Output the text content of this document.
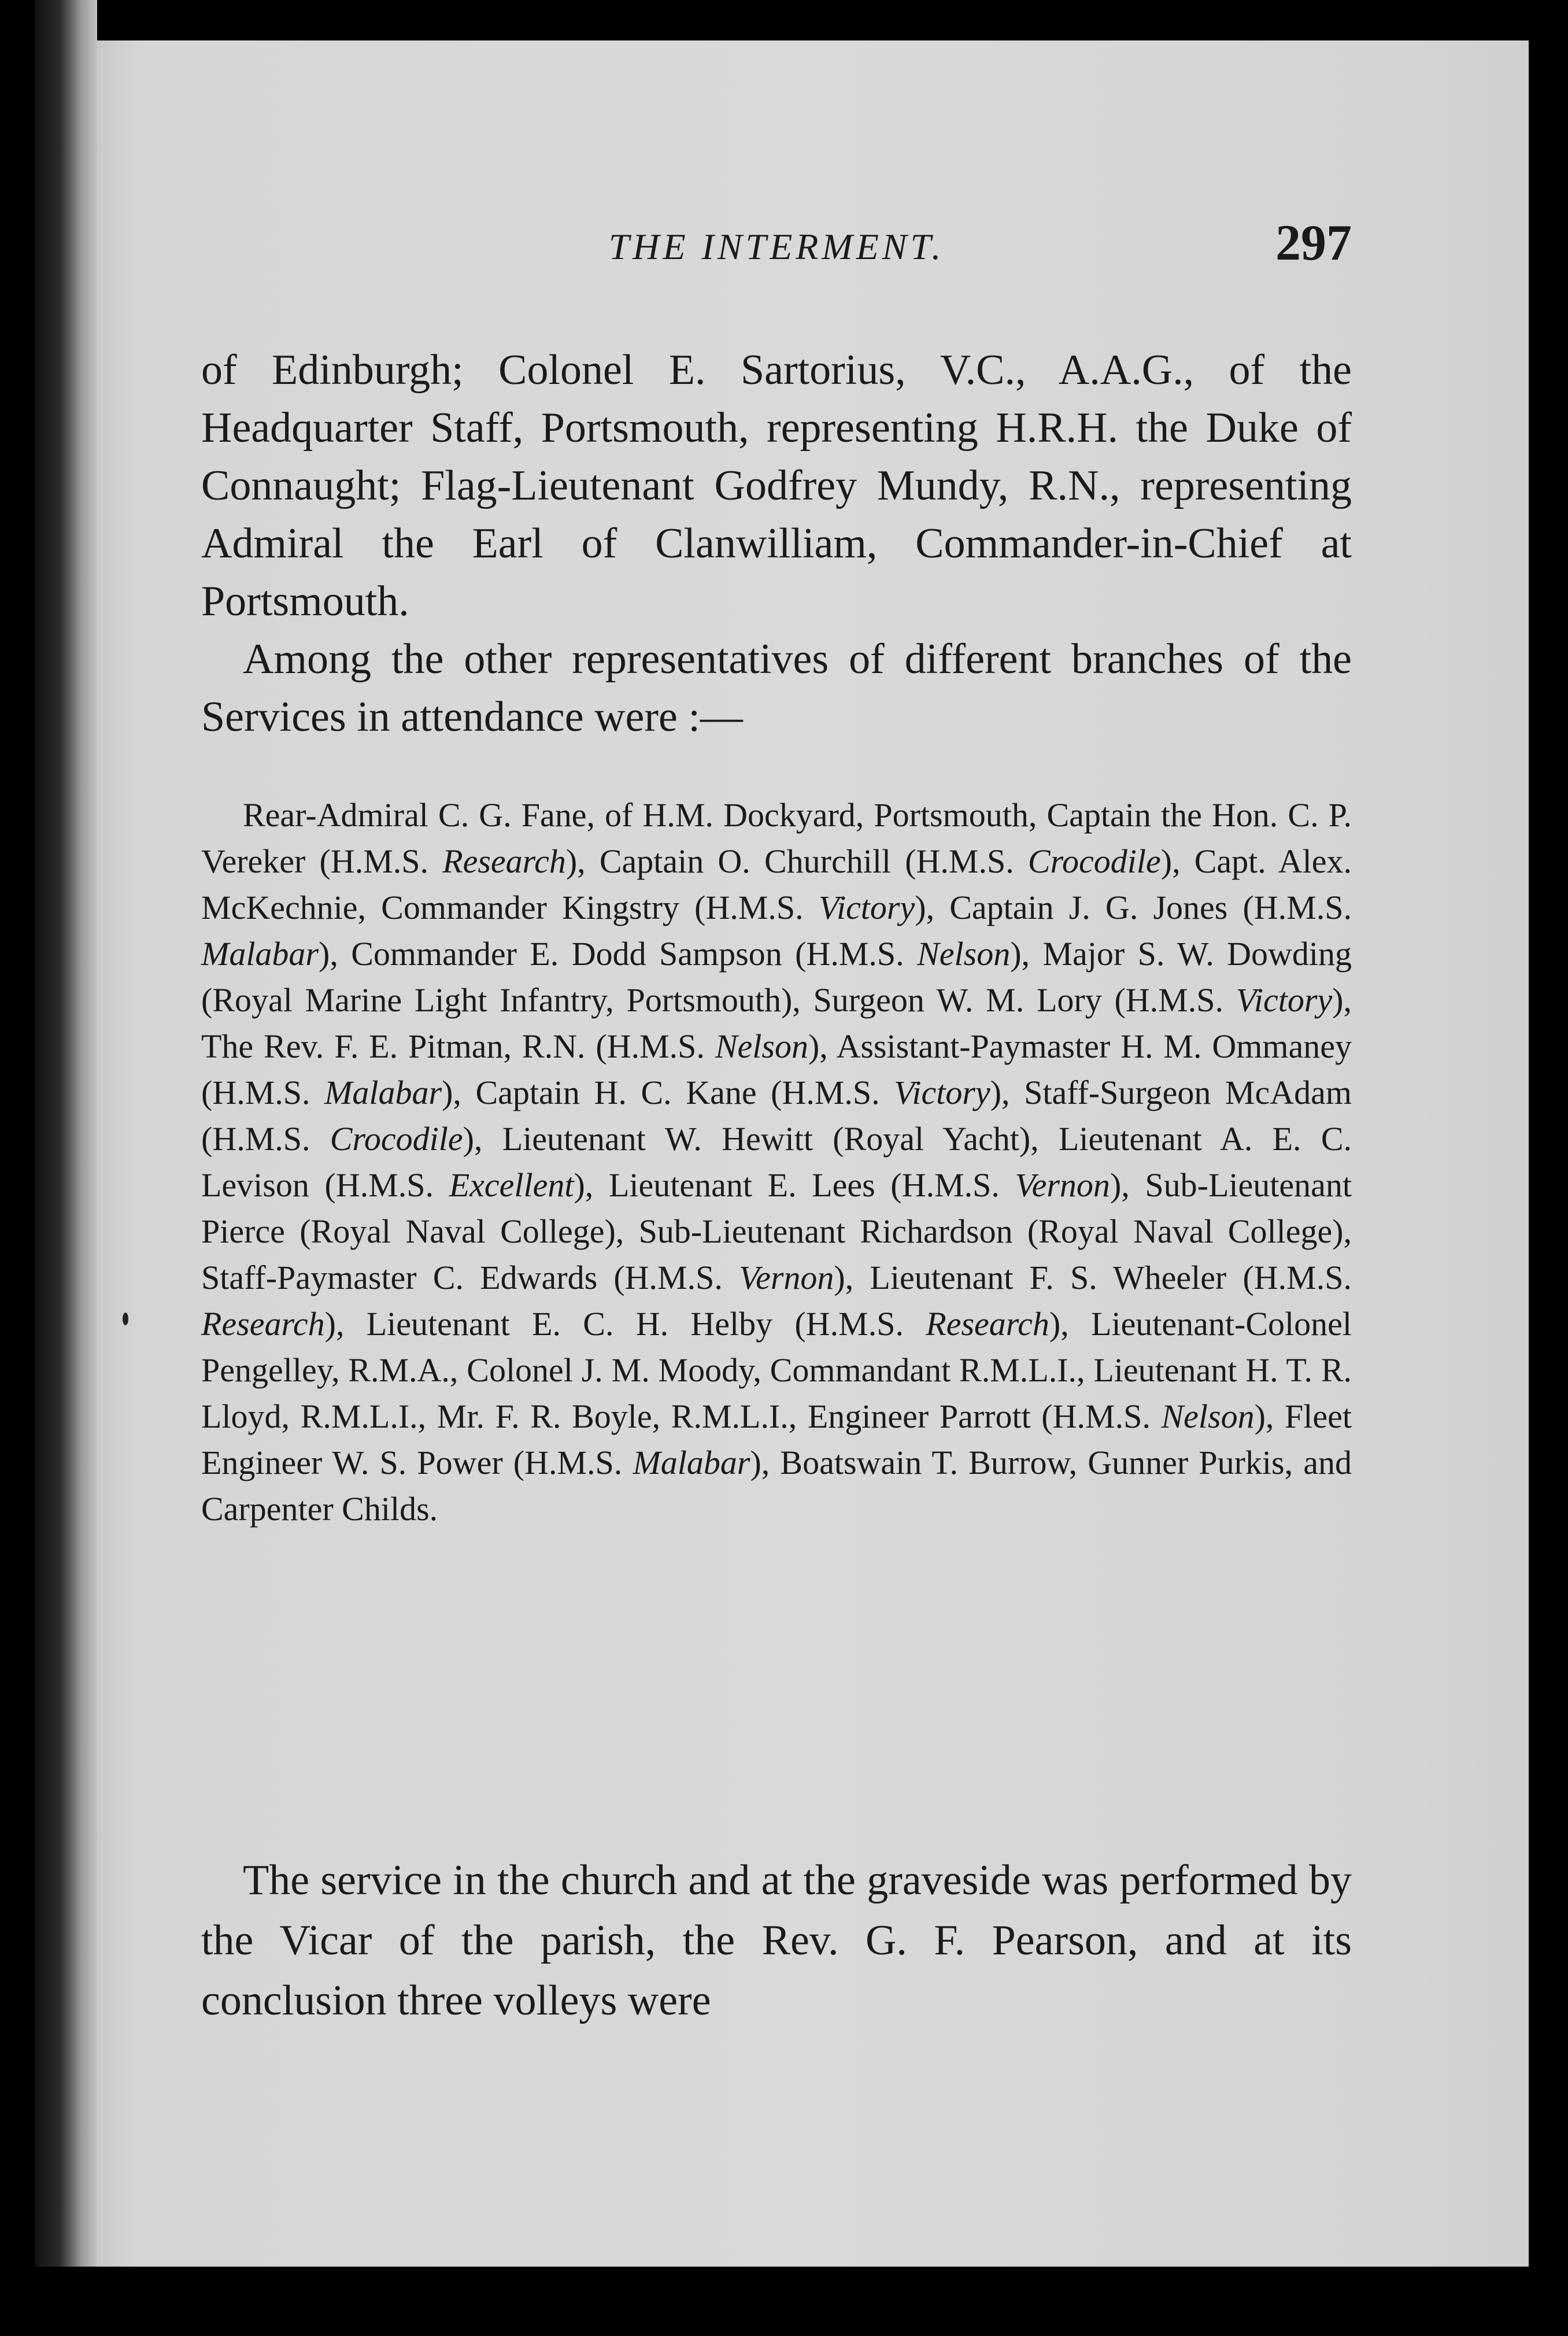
THE INTERMENT.	297

of Edinburgh; Colonel E. Sartorius, V.C., A.A.G., of the Headquarter Staff, Portsmouth, representing H.R.H. the Duke of Connaught; Flag-Lieutenant Godfrey Mundy, R.N., representing Admiral the Earl of Clanwilliam, Commander-in-Chief at Portsmouth.

Among the other representatives of different branches of the Services in attendance were :—

Rear-Admiral C. G. Fane, of H.M. Dockyard, Portsmouth, Captain the Hon. C. P. Vereker (H.M.S. Research), Captain O. Churchill (H.M.S. Crocodile), Capt. Alex. McKechnie, Commander Kingstry (H.M.S. Victory), Captain J. G. Jones (H.M.S. Malabar), Commander E. Dodd Sampson (H.M.S. Nelson), Major S. W. Dowding (Royal Marine Light Infantry, Portsmouth), Surgeon W. M. Lory (H.M.S. Victory), The Rev. F. E. Pitman, R.N. (H.M.S. Nelson), Assistant-Paymaster H. M. Ommaney (H.M.S. Malabar), Captain H. C. Kane (H.M.S. Victory), Staff-Surgeon McAdam (H.M.S. Crocodile), Lieutenant W. Hewitt (Royal Yacht), Lieutenant A. E. C. Levison (H.M.S. Excellent), Lieutenant E. Lees (H.M.S. Vernon), Sub-Lieutenant Pierce (Royal Naval College), Sub-Lieutenant Richardson (Royal Naval College), Staff-Paymaster C. Edwards (H.M.S. Vernon), Lieutenant F. S. Wheeler (H.M.S. Research), Lieutenant E. C. H. Helby (H.M.S. Research), Lieutenant-Colonel Pengelley, R.M.A., Colonel J. M. Moody, Commandant R.M.L.I., Lieutenant H. T. R. Lloyd, R.M.L.I., Mr. F. R. Boyle, R.M.L.I., Engineer Parrott (H.M.S. Nelson), Fleet Engineer W. S. Power (H.M.S. Malabar), Boatswain T. Burrow, Gunner Purkis, and Carpenter Childs.

The service in the church and at the graveside was performed by the Vicar of the parish, the Rev. G. F. Pearson, and at its conclusion three volleys were
